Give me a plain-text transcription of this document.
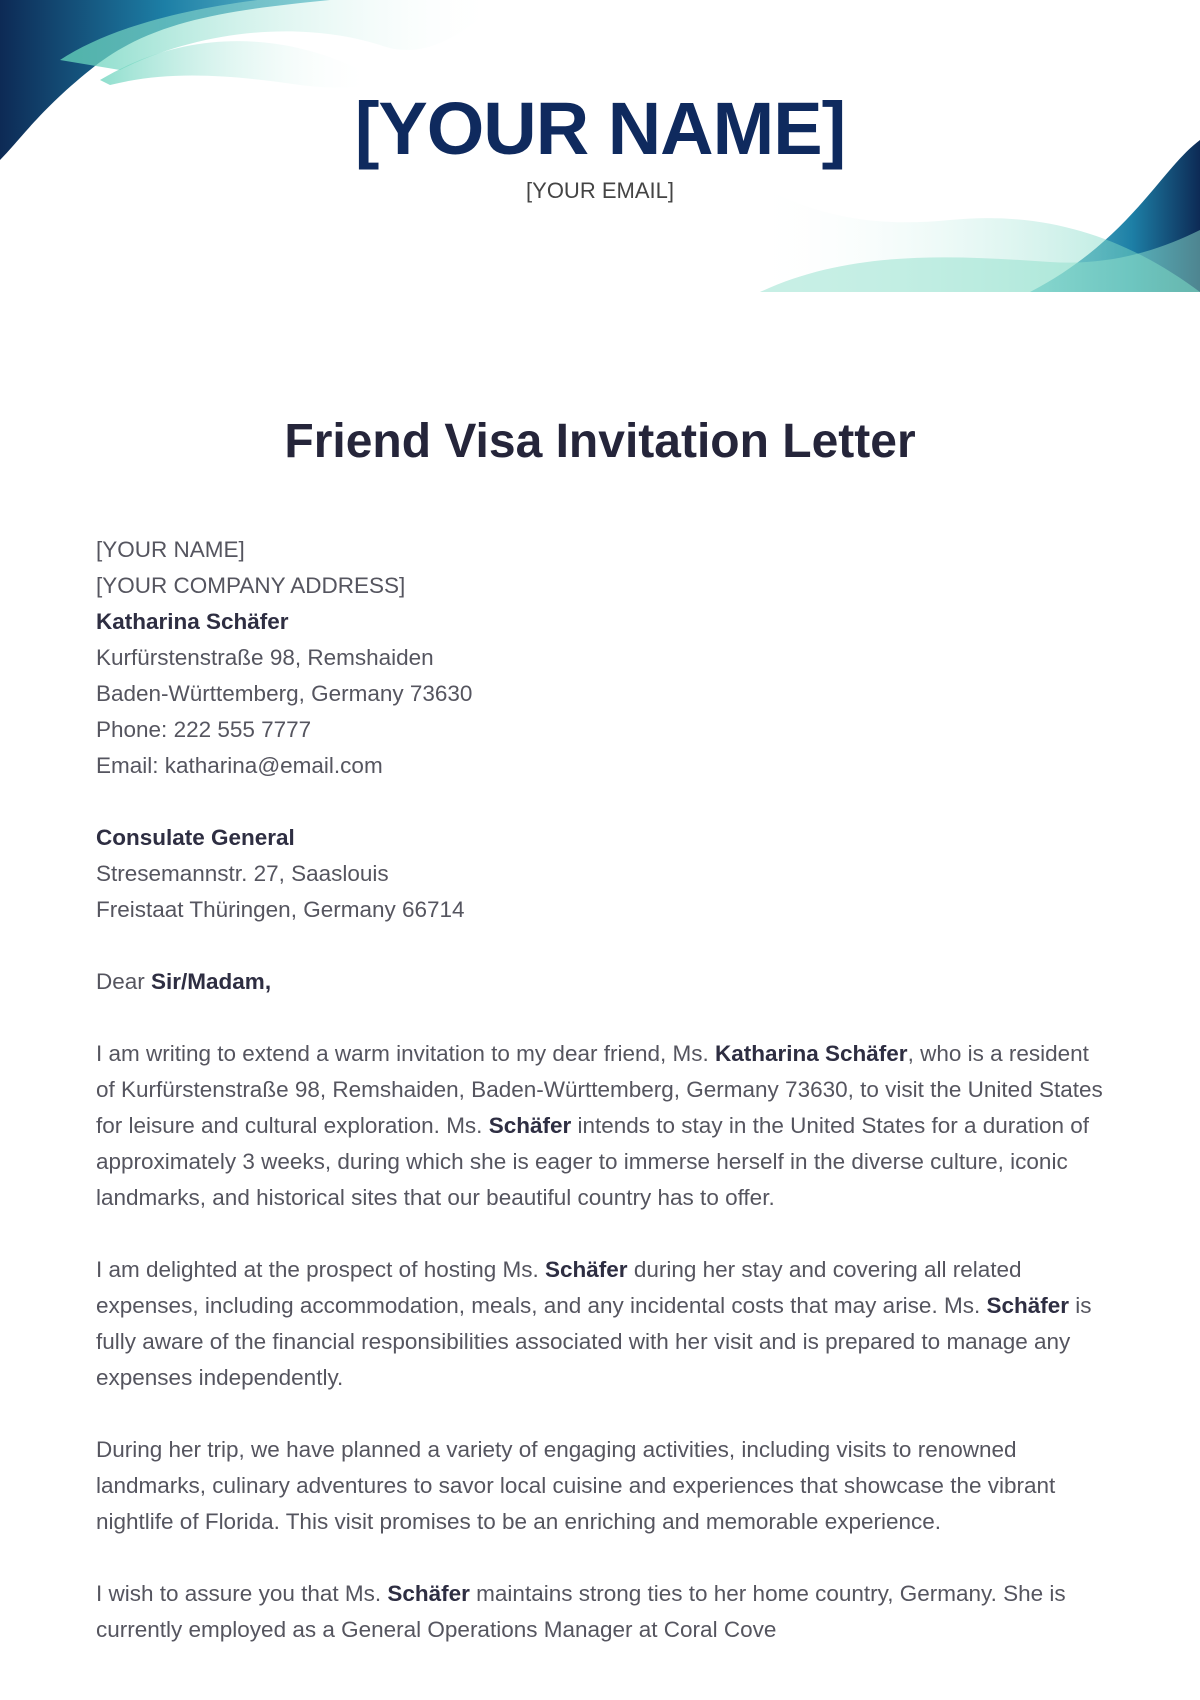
[YOUR NAME]
[YOUR EMAIL]
Friend Visa Invitation Letter

[YOUR NAME]
[YOUR COMPANY ADDRESS]
Katharina Schäfer
Kurfürstenstraße 98, Remshaiden
Baden-Württemberg, Germany 73630
Phone: 222 555 7777
Email: katharina@email.com

Consulate General
Stresemannstr. 27, Saaslouis
Freistaat Thüringen, Germany 66714

Dear Sir/Madam,

I am writing to extend a warm invitation to my dear friend, Ms. Katharina Schäfer, who is a resident of Kurfürstenstraße 98, Remshaiden, Baden-Württemberg, Germany 73630, to visit the United States for leisure and cultural exploration. Ms. Schäfer intends to stay in the United States for a duration of approximately 3 weeks, during which she is eager to immerse herself in the diverse culture, iconic landmarks, and historical sites that our beautiful country has to offer.

I am delighted at the prospect of hosting Ms. Schäfer during her stay and covering all related expenses, including accommodation, meals, and any incidental costs that may arise. Ms. Schäfer is fully aware of the financial responsibilities associated with her visit and is prepared to manage any expenses independently.

During her trip, we have planned a variety of engaging activities, including visits to renowned landmarks, culinary adventures to savor local cuisine and experiences that showcase the vibrant nightlife of Florida. This visit promises to be an enriching and memorable experience.

I wish to assure you that Ms. Schäfer maintains strong ties to her home country, Germany. She is currently employed as a General Operations Manager at Coral Cove
